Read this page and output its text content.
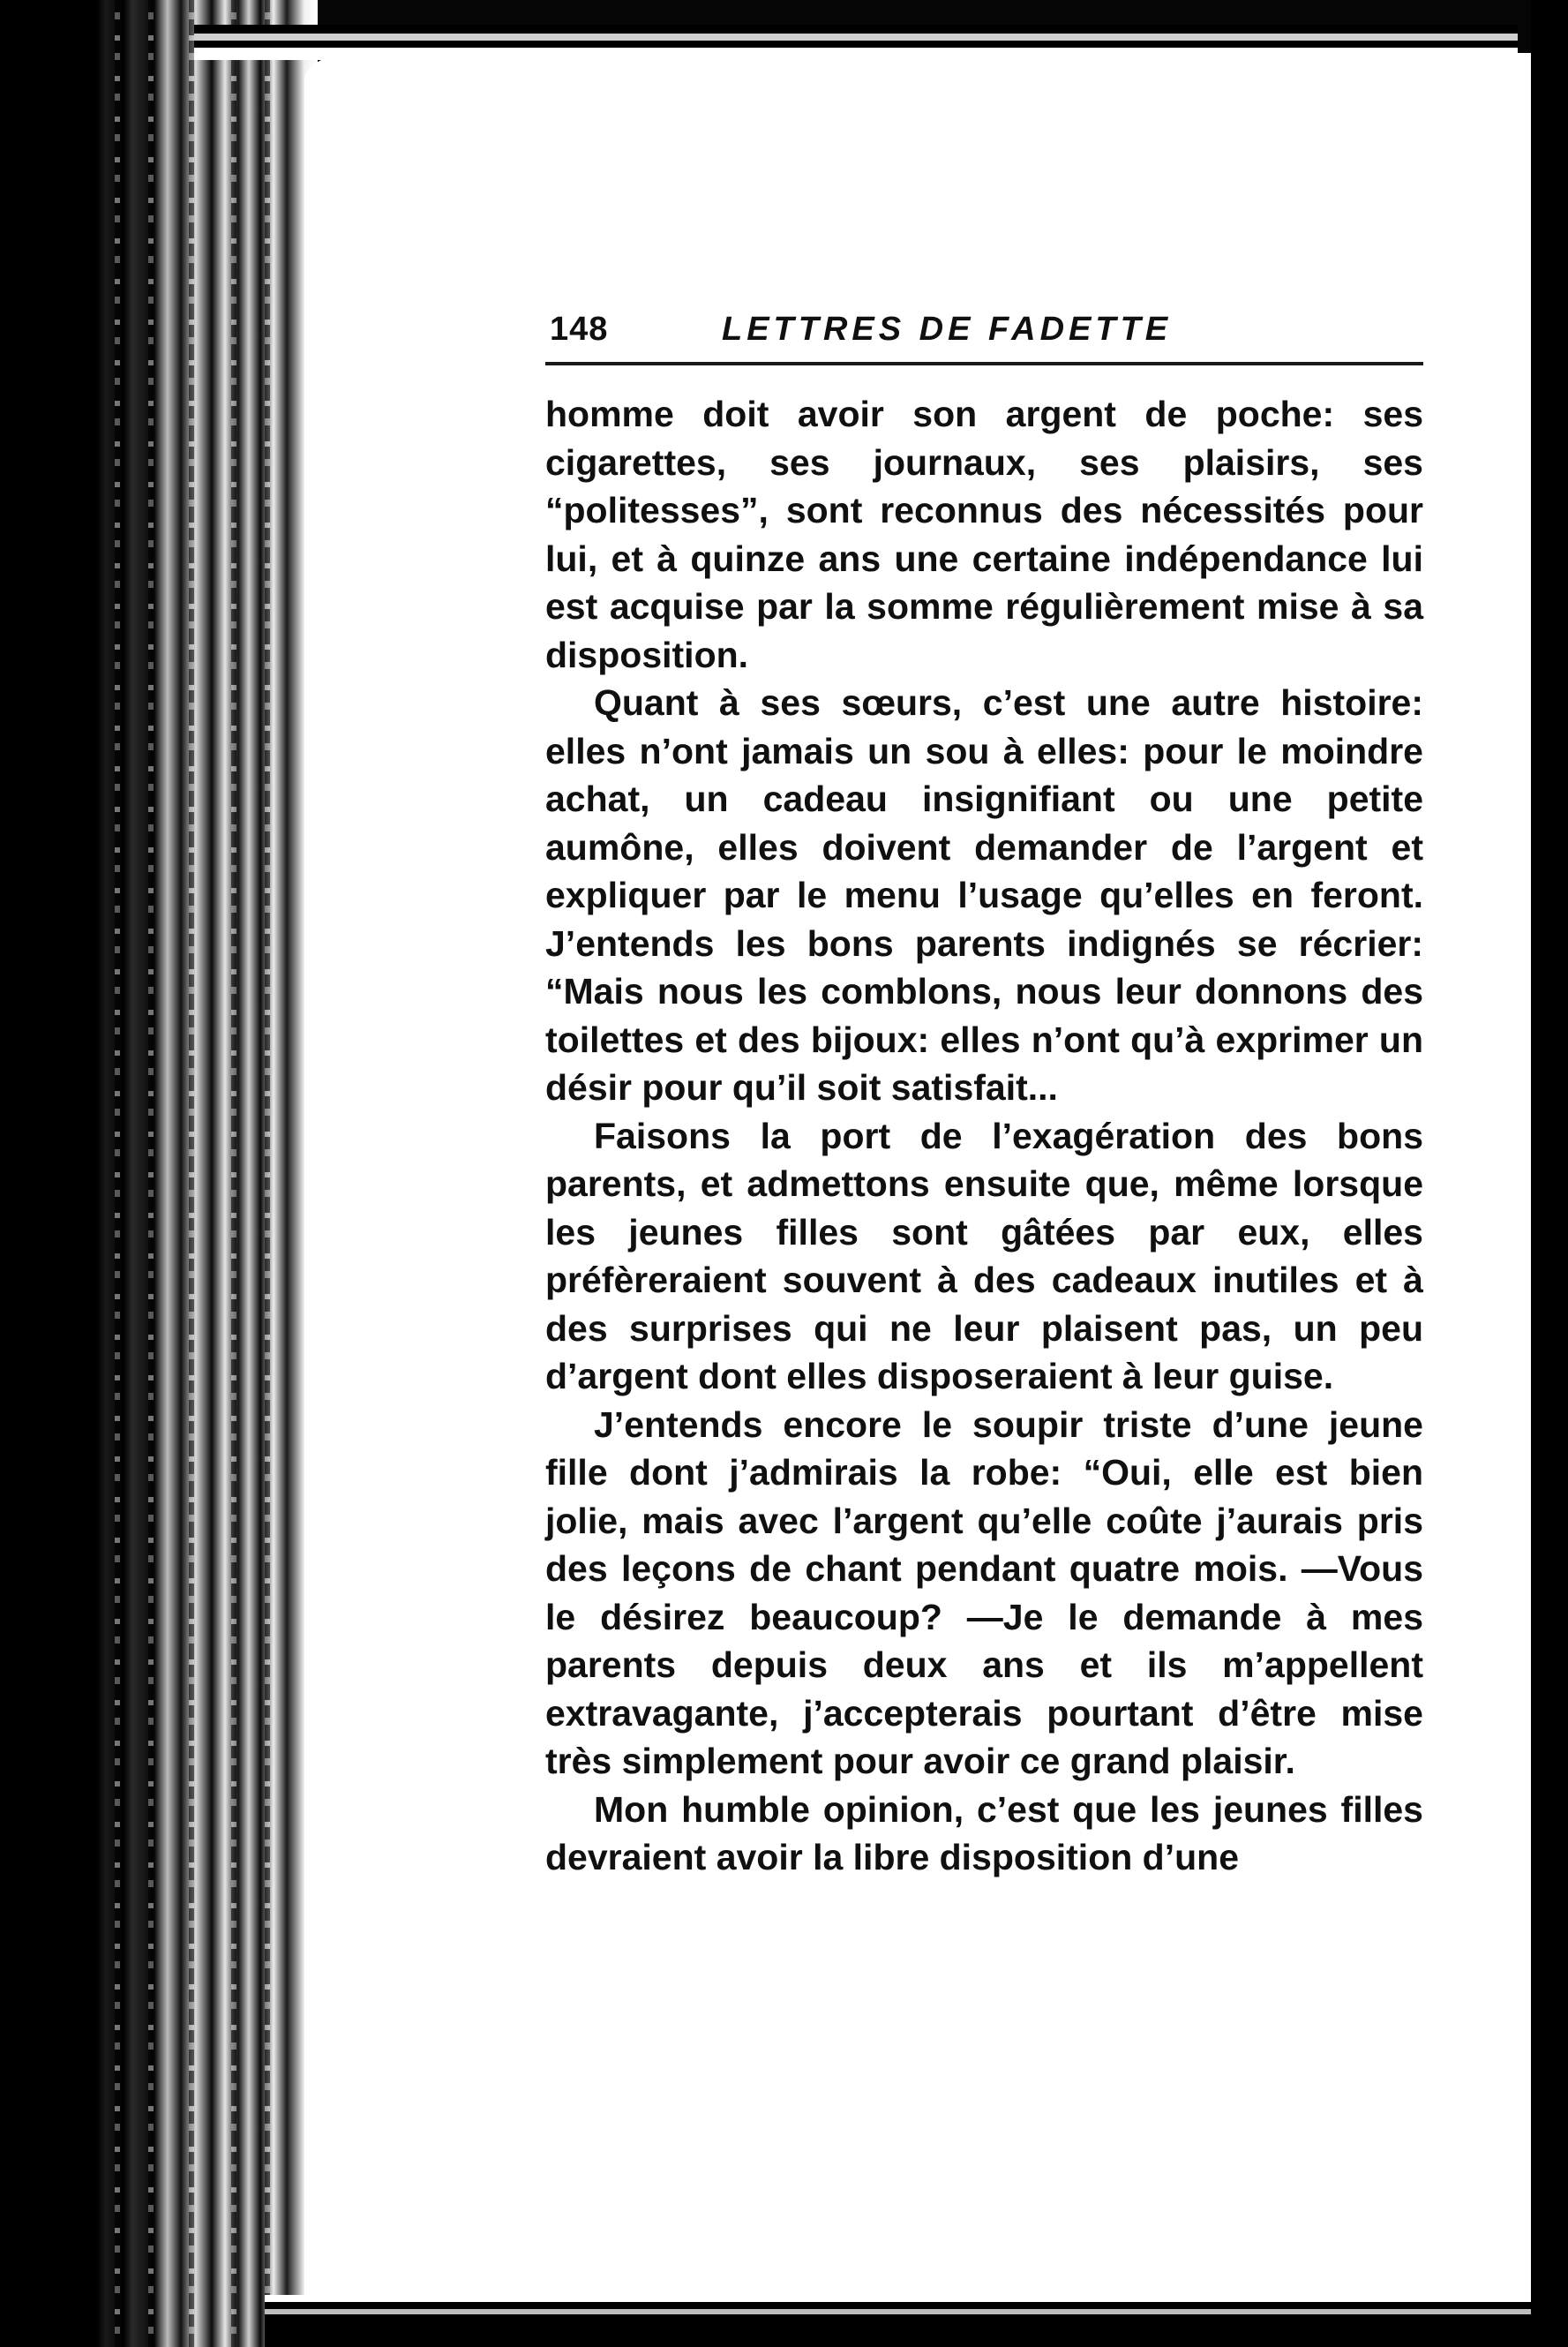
148	LETTRES DE FADETTE

homme doit avoir son argent de poche: ses cigarettes, ses journaux, ses plaisirs, ses “politesses”, sont reconnus des nécessités pour lui, et à quinze ans une certaine indépendance lui est acquise par la somme régulièrement mise à sa disposition.

Quant à ses sœurs, c’est une autre histoire: elles n’ont jamais un sou à elles: pour le moindre achat, un cadeau insignifiant ou une petite aumône, elles doivent demander de l’argent et expliquer par le menu l’usage qu’elles en feront. J’entends les bons parents indignés se récrier: “Mais nous les comblons, nous leur donnons des toilettes et des bijoux: elles n’ont qu’à exprimer un désir pour qu’il soit satisfait...

Faisons la port de l’exagération des bons parents, et admettons ensuite que, même lorsque les jeunes filles sont gâtées par eux, elles préfèreraient souvent à des cadeaux inutiles et à des surprises qui ne leur plaisent pas, un peu d’argent dont elles disposeraient à leur guise.

J’entends encore le soupir triste d’une jeune fille dont j’admirais la robe: “Oui, elle est bien jolie, mais avec l’argent qu’elle coûte j’aurais pris des leçons de chant pendant quatre mois. —Vous le désirez beaucoup? —Je le demande à mes parents depuis deux ans et ils m’appellent extravagante, j’accepterais pourtant d’être mise très simplement pour avoir ce grand plaisir.

Mon humble opinion, c’est que les jeunes filles devraient avoir la libre disposition d’une
